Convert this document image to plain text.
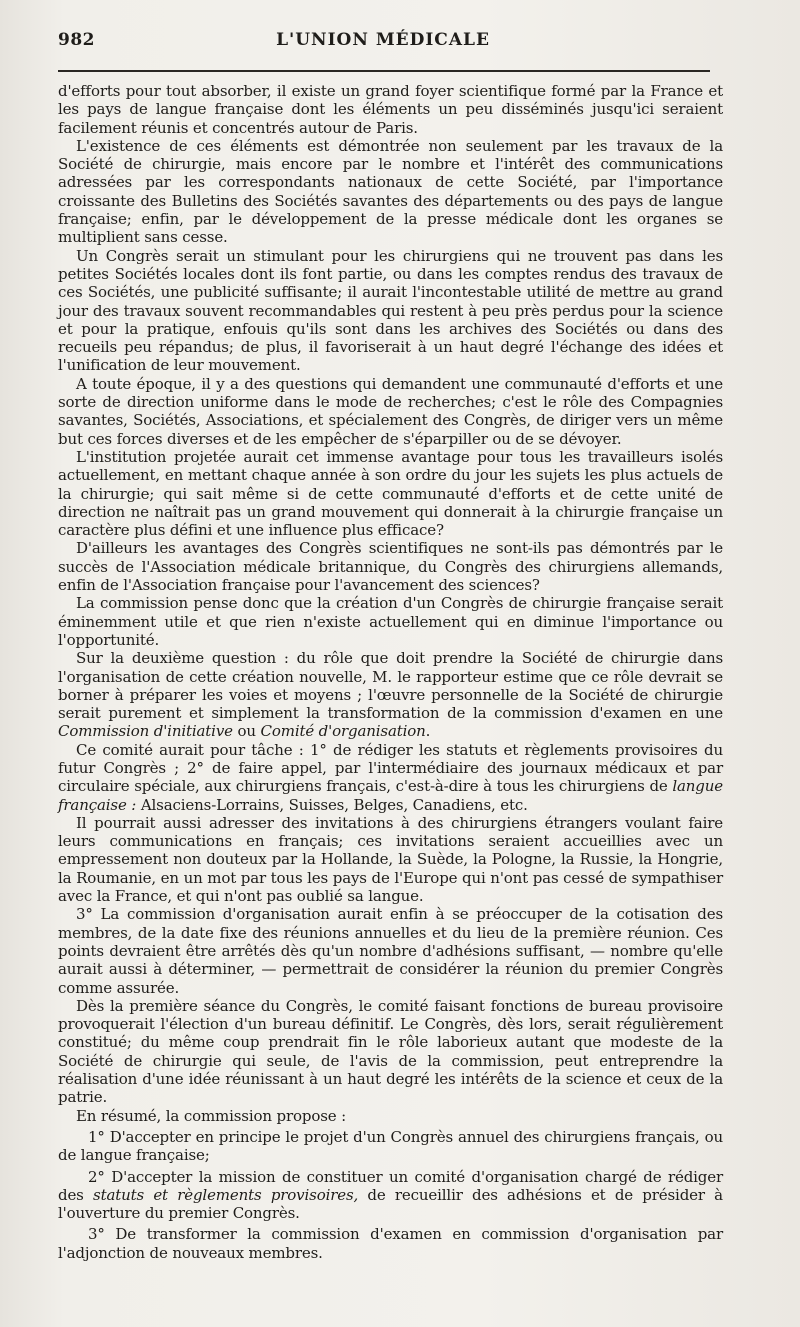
982	L'UNION MÉDICALE

d'efforts pour tout absorber, il existe un grand foyer scientifique formé par la France et les pays de langue française dont les éléments un peu disséminés jusqu'ici seraient facilement réunis et concentrés autour de Paris.

L'existence de ces éléments est démontrée non seulement par les travaux de la Société de chirurgie, mais encore par le nombre et l'intérêt des communications adressées par les correspondants nationaux de cette Société, par l'importance croissante des Bulletins des Sociétés savantes des départements ou des pays de langue française; enfin, par le développement de la presse médicale dont les organes se multiplient sans cesse.

Un Congrès serait un stimulant pour les chirurgiens qui ne trouvent pas dans les petites Sociétés locales dont ils font partie, ou dans les comptes rendus des travaux de ces Sociétés, une publicité suffisante; il aurait l'incontestable utilité de mettre au grand jour des travaux souvent recommandables qui restent à peu près perdus pour la science et pour la pratique, enfouis qu'ils sont dans les archives des Sociétés ou dans des recueils peu répandus; de plus, il favoriserait à un haut degré l'échange des idées et l'unification de leur mouvement.

A toute époque, il y a des questions qui demandent une communauté d'efforts et une sorte de direction uniforme dans le mode de recherches; c'est le rôle des Compagnies savantes, Sociétés, Associations, et spécialement des Congrès, de diriger vers un même but ces forces diverses et de les empêcher de s'éparpiller ou de se dévoyer.

L'institution projetée aurait cet immense avantage pour tous les travailleurs isolés actuellement, en mettant chaque année à son ordre du jour les sujets les plus actuels de la chirurgie; qui sait même si de cette communauté d'efforts et de cette unité de direction ne naîtrait pas un grand mouvement qui donnerait à la chirurgie française un caractère plus défini et une influence plus efficace?

D'ailleurs les avantages des Congrès scientifiques ne sont-ils pas démontrés par le succès de l'Association médicale britannique, du Congrès des chirurgiens allemands, enfin de l'Association française pour l'avancement des sciences?

La commission pense donc que la création d'un Congrès de chirurgie française serait éminemment utile et que rien n'existe actuellement qui en diminue l'importance ou l'opportunité.

Sur la deuxième question : du rôle que doit prendre la Société de chirurgie dans l'organisation de cette création nouvelle, M. le rapporteur estime que ce rôle devrait se borner à préparer les voies et moyens ; l'œuvre personnelle de la Société de chirurgie serait purement et simplement la transformation de la commission d'examen en une Commission d'initiative ou Comité d'organisation.

Ce comité aurait pour tâche : 1° de rédiger les statuts et règlements provisoires du futur Congrès ; 2° de faire appel, par l'intermédiaire des journaux médicaux et par circulaire spéciale, aux chirurgiens français, c'est-à-dire à tous les chirurgiens de langue française : Alsaciens-Lorrains, Suisses, Belges, Canadiens, etc.

Il pourrait aussi adresser des invitations à des chirurgiens étrangers voulant faire leurs communications en français; ces invitations seraient accueillies avec un empressement non douteux par la Hollande, la Suède, la Pologne, la Russie, la Hongrie, la Roumanie, en un mot par tous les pays de l'Europe qui n'ont pas cessé de sympathiser avec la France, et qui n'ont pas oublié sa langue.

3° La commission d'organisation aurait enfin à se préoccuper de la cotisation des membres, de la date fixe des réunions annuelles et du lieu de la première réunion. Ces points devraient être arrêtés dès qu'un nombre d'adhésions suffisant, — nombre qu'elle aurait aussi à déterminer, — permettrait de considérer la réunion du premier Congrès comme assurée.

Dès la première séance du Congrès, le comité faisant fonctions de bureau provisoire provoquerait l'élection d'un bureau définitif. Le Congrès, dès lors, serait régulièrement constitué; du même coup prendrait fin le rôle laborieux autant que modeste de la Société de chirurgie qui seule, de l'avis de la commission, peut entreprendre la réalisation d'une idée réunissant à un haut degré les intérêts de la science et ceux de la patrie.

En résumé, la commission propose :

1° D'accepter en principe le projet d'un Congrès annuel des chirurgiens français, ou de langue française;

2° D'accepter la mission de constituer un comité d'organisation chargé de rédiger des statuts et règlements provisoires, de recueillir des adhésions et de présider à l'ouverture du premier Congrès.

3° De transformer la commission d'examen en commission d'organisation par l'adjonction de nouveaux membres.
